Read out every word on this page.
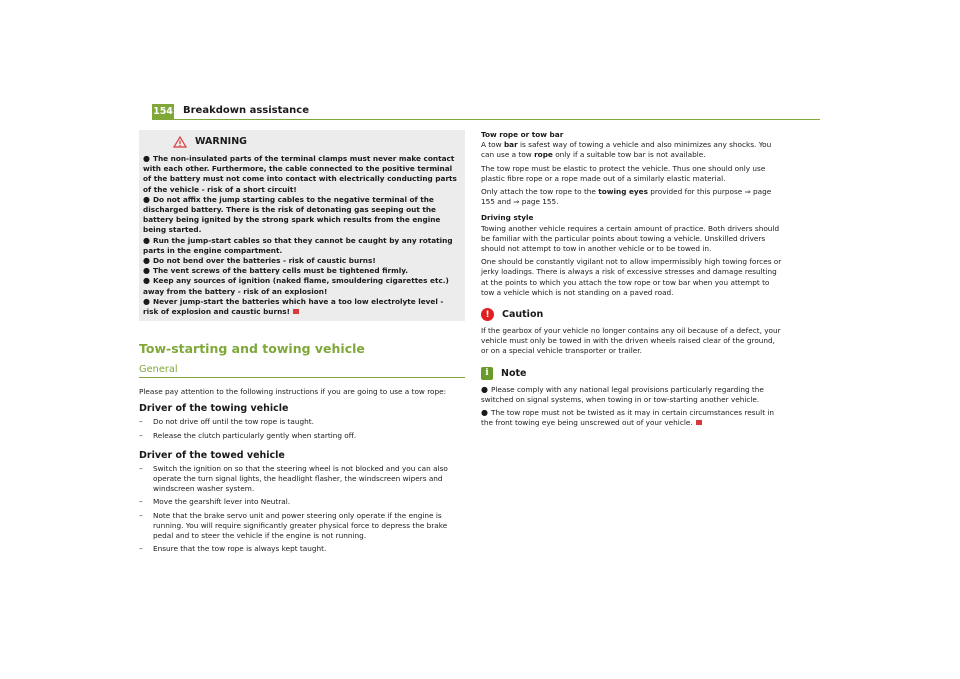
154 Breakdown assistance
WARNING
● The non-insulated parts of the terminal clamps must never make contact with each other. Furthermore, the cable connected to the positive terminal of the battery must not come into contact with electrically conducting parts of the vehicle - risk of a short circuit!
● Do not affix the jump starting cables to the negative terminal of the discharged battery. There is the risk of detonating gas seeping out the battery being ignited by the strong spark which results from the engine being started.
● Run the jump-start cables so that they cannot be caught by any rotating parts in the engine compartment.
● Do not bend over the batteries - risk of caustic burns!
● The vent screws of the battery cells must be tightened firmly.
● Keep any sources of ignition (naked flame, smouldering cigarettes etc.) away from the battery - risk of an explosion!
● Never jump-start the batteries which have a too low electrolyte level - risk of explosion and caustic burns!
Tow-starting and towing vehicle
General
Please pay attention to the following instructions if you are going to use a tow rope:
Driver of the towing vehicle
– Do not drive off until the tow rope is taught.
– Release the clutch particularly gently when starting off.
Driver of the towed vehicle
– Switch the ignition on so that the steering wheel is not blocked and you can also operate the turn signal lights, the headlight flasher, the windscreen wipers and windscreen washer system.
– Move the gearshift lever into Neutral.
– Note that the brake servo unit and power steering only operate if the engine is running. You will require significantly greater physical force to depress the brake pedal and to steer the vehicle if the engine is not running.
– Ensure that the tow rope is always kept taught.
Tow rope or tow bar

A tow bar is safest way of towing a vehicle and also minimizes any shocks. You can use a tow rope only if a suitable tow bar is not available.

The tow rope must be elastic to protect the vehicle. Thus one should only use plastic fibre rope or a rope made out of a similarly elastic material.

Only attach the tow rope to the towing eyes provided for this purpose ⇒ page 155 and ⇒ page 155.

Driving style

Towing another vehicle requires a certain amount of practice. Both drivers should be familiar with the particular points about towing a vehicle. Unskilled drivers should not attempt to tow in another vehicle or to be towed in.

One should be constantly vigilant not to allow impermissibly high towing forces or jerky loadings. There is always a risk of excessive stresses and damage resulting at the points to which you attach the tow rope or tow bar when you attempt to tow a vehicle which is not standing on a paved road.

!	Caution

If the gearbox of your vehicle no longer contains any oil because of a defect, your vehicle must only be towed in with the driven wheels raised clear of the ground, or on a special vehicle transporter or trailer.

i	Note
● Please comply with any national legal provisions particularly regarding the switched on signal systems, when towing in or tow-starting another vehicle.
● The tow rope must not be twisted as it may in certain circumstances result in the front towing eye being unscrewed out of your vehicle.
